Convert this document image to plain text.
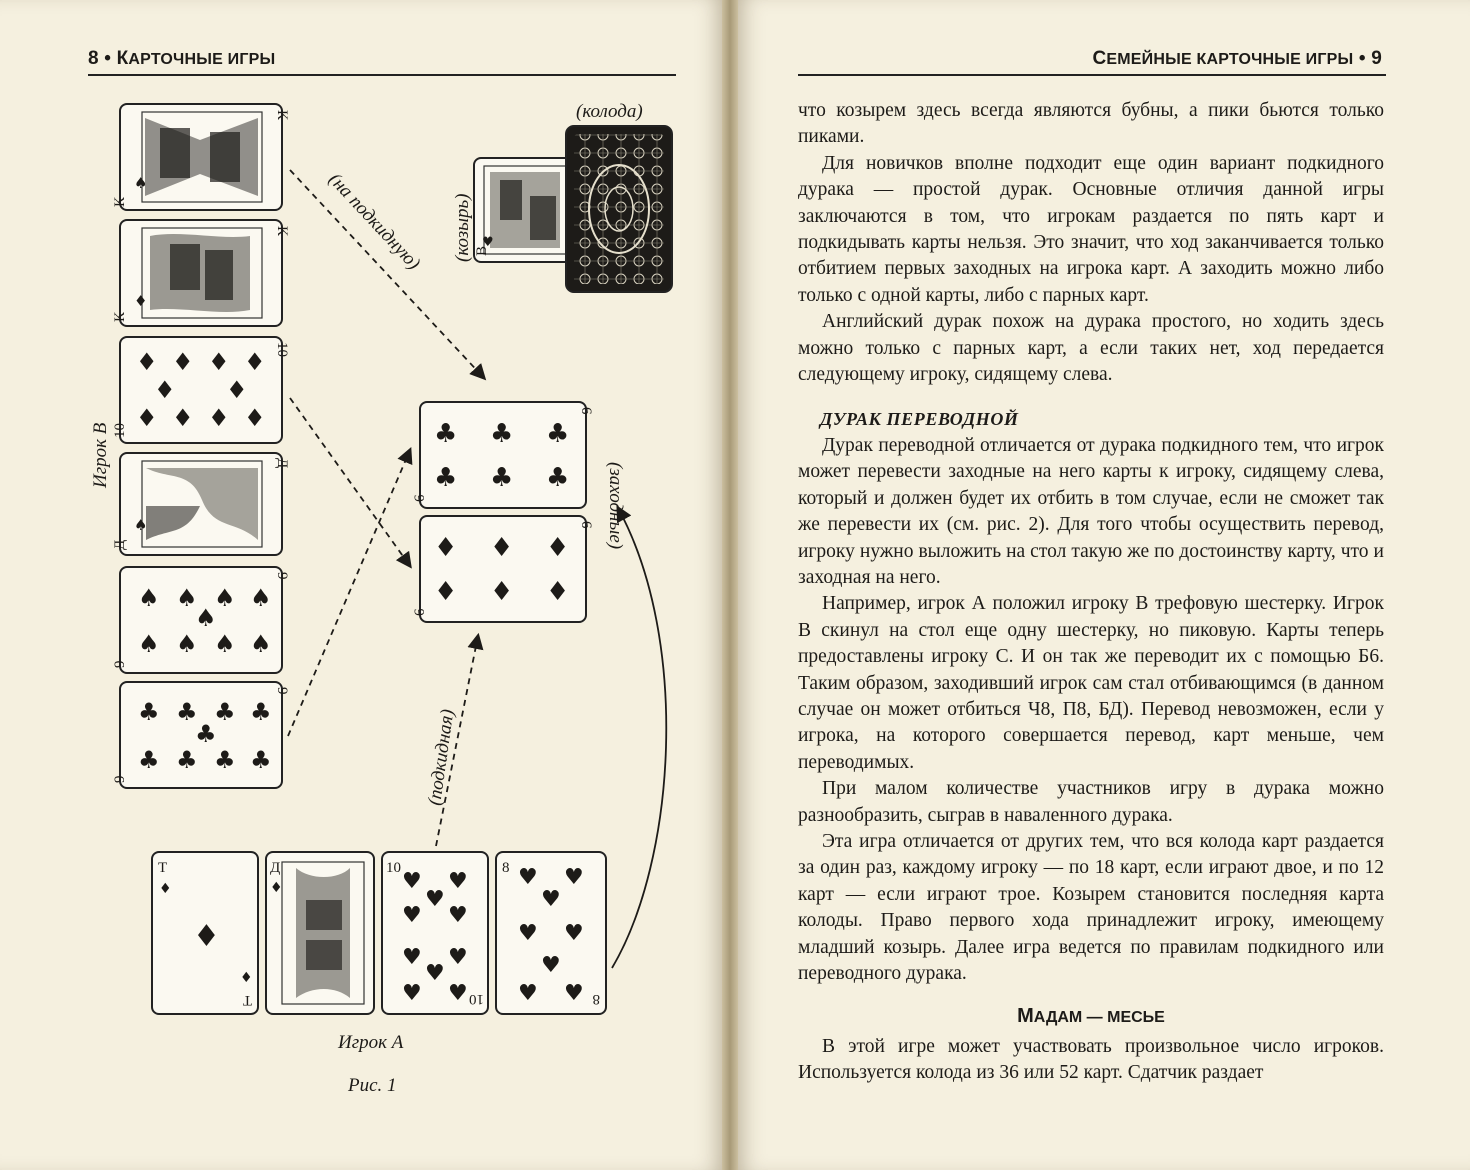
8 • КАРТОЧНЫЕ ИГРЫ
К
К
♠
К
К
♦
♦ ♦ ♦ ♦
♦ ♦
♦ ♦ ♦ ♦
10
10
Д
Д
♠
♠ ♠ ♠
♠
♠ ♠ ♠
♠
♠
9
9
♣ ♣ ♣
♣
♣ ♣ ♣
♣
♣
9
9
Игрок В
В
♥
(козырь)
(колода)
♣ ♣ ♣
♣ ♣ ♣
6
6
♦ ♦ ♦
♦ ♦ ♦
6
6 (заходные)
Т
Т
♦
♦
♦
Д
♦
10
10
♥ ♥
♥
♥ ♥
♥ ♥
♥
♥ ♥
8
8
♥ ♥
♥
♥ ♥
♥
♥ ♥
Игрок А
(на подкидную)
(подкидная)
Рис. 1
СЕМЕЙНЫЕ КАРТОЧНЫЕ ИГРЫ • 9

что козырем здесь всегда являются бубны, а пики бьются только пиками.

Для новичков вполне подходит еще один вариант подкидного дурака — простой дурак. Основные отличия данной игры заключаются в том, что игрокам раздается по пять карт и подкидывать карты нельзя. Это значит, что ход заканчивается только отбитием первых заходных на игрока карт. А заходить можно либо только с одной карты, либо с парных карт.

Английский дурак похож на дурака простого, но ходить здесь можно только с парных карт, а если таких нет, ход передается следующему игроку, сидящему слева.

ДУРАК ПЕРЕВОДНОЙ

Дурак переводной отличается от дурака подкидного тем, что игрок может перевести заходные на него карты к игроку, сидящему слева, который и должен будет их отбить в том случае, если не сможет так же перевести их (см. рис. 2). Для того чтобы осуществить перевод, игроку нужно выложить на стол такую же по достоинству карту, что и заходная на него.

Например, игрок А положил игроку В трефовую шестерку. Игрок В скинул на стол еще одну шестерку, но пиковую. Карты теперь предоставлены игроку С. И он так же переводит их с помощью Б6. Таким образом, заходивший игрок сам стал отбивающимся (в данном случае он может отбиться Ч8, П8, БД). Перевод невозможен, если у игрока, на которого совершается перевод, карт меньше, чем переводимых.

При малом количестве участников игру в дурака можно разнообразить, сыграв в наваленного дурака.

Эта игра отличается от других тем, что вся колода карт раздается за один раз, каждому игроку — по 18 карт, если играют двое, и по 12 карт — если играют трое. Козырем становится последняя карта колоды. Право первого хода принадлежит игроку, имеющему младший козырь. Далее игра ведется по правилам подкидного или переводного дурака.

МАДАМ — МЕСЬЕ

В этой игре может участвовать произвольное число игроков. Используется колода из 36 или 52 карт. Сдатчик раздает
